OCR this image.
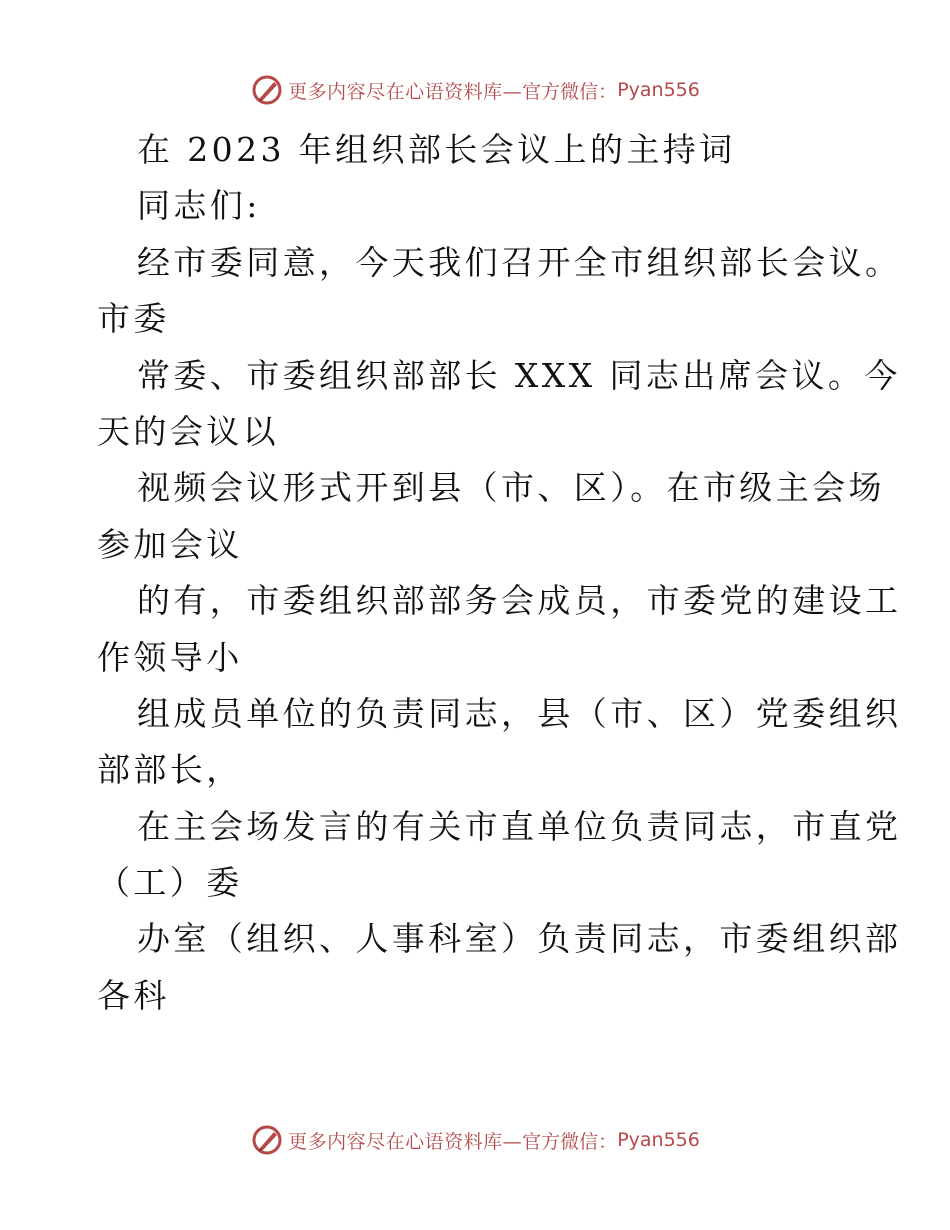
更多内容尽在心语资料库— 官方微信： Pyan556
在 2023 年组织部长会议上的主持词
同志们:
经市委同意，今天我们召开全市组织部长会议。
市委
常委、市委组织部部长 XXX 同志出席会议。今
天的会议以
视频会议形式开到县（市、区）。在市级主会场
参加会议
的有，市委组织部部务会成员，市委党的建设工
作领导小
组成员单位的负责同志，县（市、区）党委组织
部部长，
在主会场发言的有关市直单位负责同志，市直党
（工）委
办室（组织、人事科室）负责同志，市委组织部
各科
更多内容尽在心语资料库— 官方微信： Pyan556
